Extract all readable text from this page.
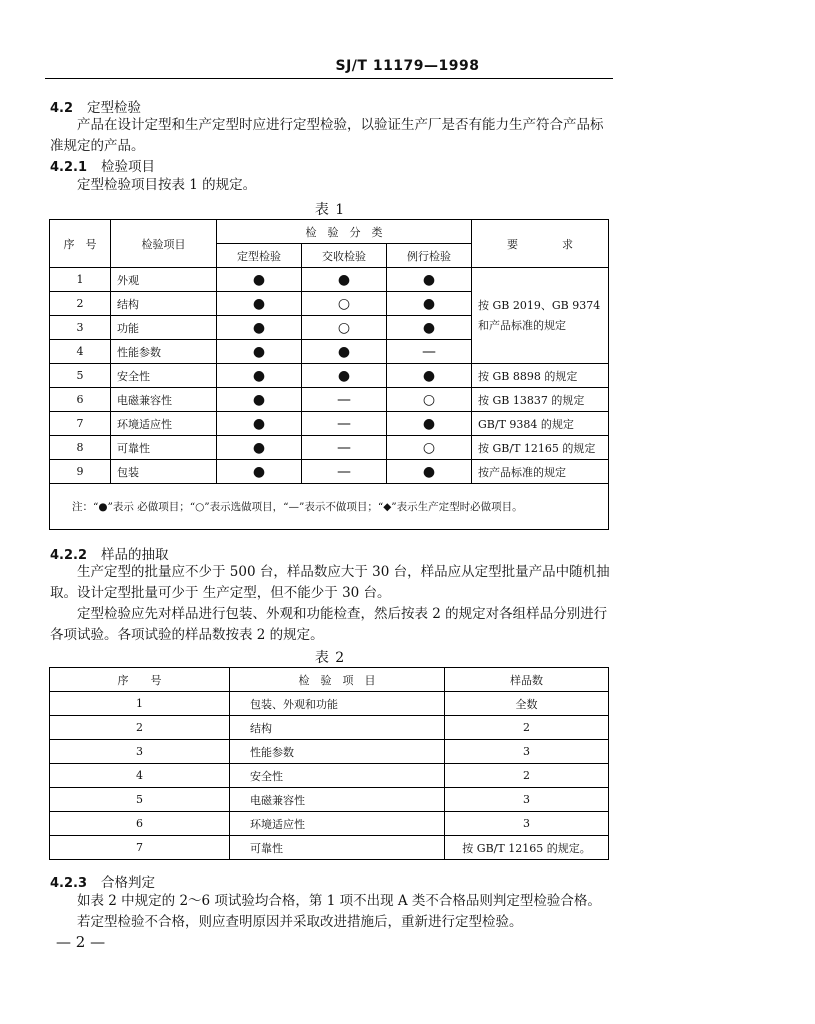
SJ/T 11179—1998
4.2 定型检验
产品在设计定型和生产定型时应进行定型检验，以验证生产厂是否有能力生产符合产品标准规定的产品。
4.2.1 检验项目
定型检验项目按表 1 的规定。
表 1
序　号	检验项目	检　验　分　类			要　　　　求
		定型检验	交收检验	例行检验	
1	外观	●	●	●	按 GB 2019、GB 9374 和产品标准的规定
2	结构	●	○	●	
3	功能	●	○	●	
4	性能参数	●	●	—	
5	安全性	●	●	●	按 GB 8898 的规定
6	电磁兼容性	●	—	○	按 GB 13837 的规定
7	环境适应性	●	—	●	GB/T 9384 的规定
8	可靠性	●	—	○	按 GB/T 12165 的规定
9	包装	●	—	●	按产品标准的规定
注：“●”表示 必做项目；“○”表示选做项目，“—”表示不做项目；“◆”表示生产定型时必做项目。					
4.2.2 样品的抽取
生产定型的批量应不少于 500 台，样品数应大于 30 台，样品应从定型批量产品中随机抽取。设计定型批量可少于 生产定型，但不能少于 30 台。
定型检验应先对样品进行包装、外观和功能检查，然后按表 2 的规定对各组样品分别进行各项试验。各项试验的样品数按表 2 的规定。
表 2
序　　号	检　验　项　目	样品数
1	包装、外观和功能	全数
2	结构	2
3	性能参数	3
4	安全性	2
5	电磁兼容性	3
6	环境适应性	3
7	可靠性	按 GB/T 12165 的规定。
4.2.3 合格判定
如表 2 中规定的 2～6 项试验均合格，第 1 项不出现 A 类不合格品则判定型检验合格。
若定型检验不合格，则应查明原因并采取改进措施后，重新进行定型检验。
— 2 —
